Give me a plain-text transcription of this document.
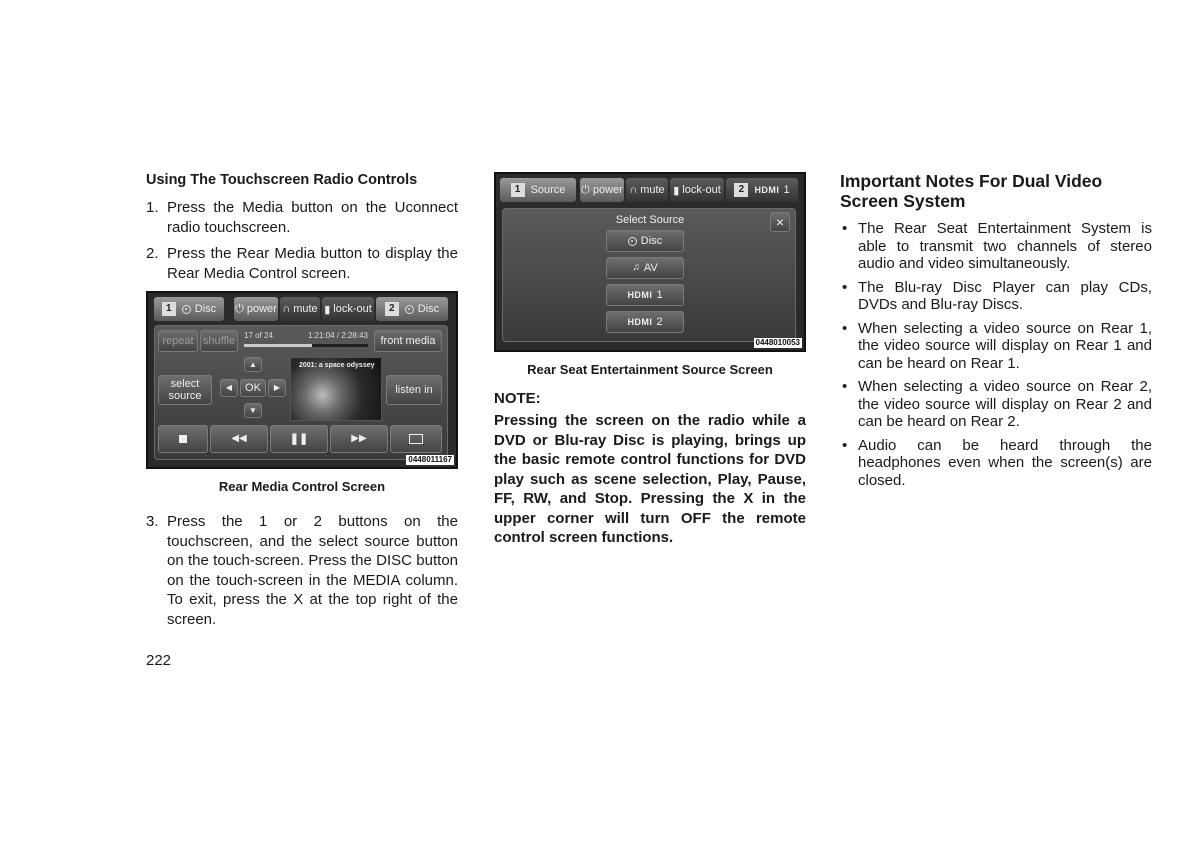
Using The Touchscreen Radio Controls
1. Press the Media button on the Uconnect radio touchscreen.
2. Press the Rear Media button to display the Rear Media Control screen.
1	Disc ⏻ power ∩ mute ▮ lock-out	2	Disc
repeat shuffle	17 of 24	1:21:04 / 2:28:43	front media
select source
▲
◀	OK	▶
▼
2001: a space odyssey
listen in
◀◀	❚❚	▶▶
0448011167
Rear Media Control Screen
3. Press the 1 or 2 buttons on the touchscreen, and the select source button on the touch-screen. Press the DISC button on the touch-screen in the MEDIA column. To exit, press the X at the top right of the screen.
1 Source ⏻ power ∩ mute ▮ lock-out	2	HDMI 1
Select Source	×
Disc
♫ AV
HDMI 1
HDMI 2
0448010053
Rear Seat Entertainment Source Screen
NOTE:

Pressing the screen on the radio while a DVD or Blu-ray Disc is playing, brings up the basic remote control functions for DVD play such as scene selection, Play, Pause, FF, RW, and Stop. Pressing the X in the upper corner will turn OFF the remote control screen functions.

Important Notes For Dual Video Screen System
• The Rear Seat Entertainment System is able to transmit two channels of stereo audio and video simultaneously.
• The Blu-ray Disc Player can play CDs, DVDs and Blu-ray Discs.
• When selecting a video source on Rear 1, the video source will display on Rear 1 and can be heard on Rear 1.
• When selecting a video source on Rear 2, the video source will display on Rear 2 and can be heard on Rear 2.
• Audio can be heard through the headphones even when the screen(s) are closed.
222
